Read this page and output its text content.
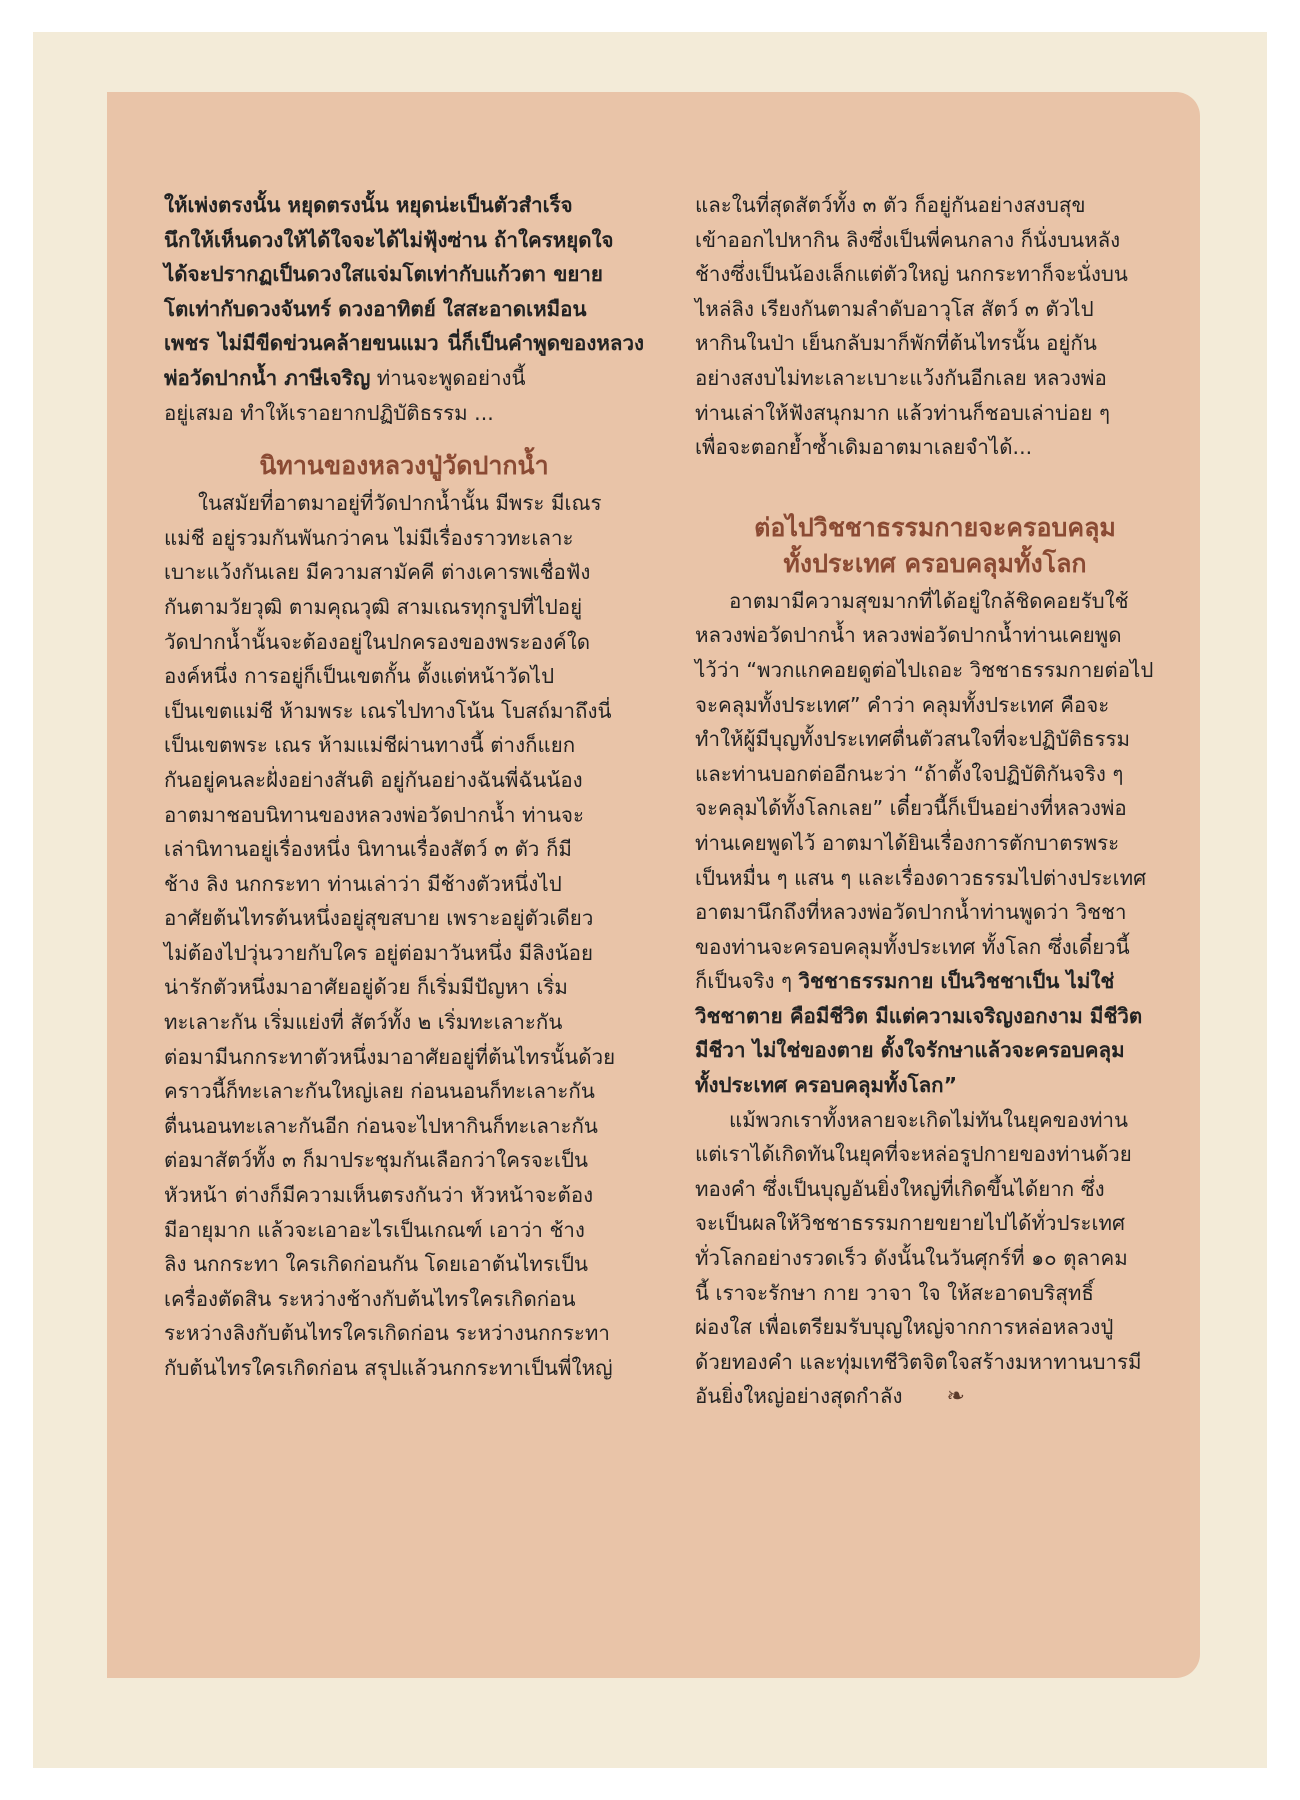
ให้เพ่งตรงนั้น หยุดตรงนั้น หยุดน่ะเป็นตัวสำเร็จ
นึกให้เห็นดวงให้ได้ใจจะได้ไม่ฟุ้งซ่าน ถ้าใครหยุดใจ
ได้จะปรากฏเป็นดวงใสแจ่มโตเท่ากับแก้วตา ขยาย
โตเท่ากับดวงจันทร์ ดวงอาทิตย์ ใสสะอาดเหมือน
เพชร ไม่มีขีดข่วนคล้ายขนแมว นี่ก็เป็นคำพูดของหลวงพ่อวัดปากน้ำ ภาษีเจริญ ท่านจะพูดอย่างนี้
อยู่เสมอ ทำให้เราอยากปฏิบัติธรรม ...

นิทานของหลวงปู่วัดปากน้ำ

ในสมัยที่อาตมาอยู่ที่วัดปากน้ำนั้น มีพระ มีเณร
แม่ชี อยู่รวมกันพันกว่าคน ไม่มีเรื่องราวทะเลาะ
เบาะแว้งกันเลย มีความสามัคคี ต่างเคารพเชื่อฟัง
กันตามวัยวุฒิ ตามคุณวุฒิ สามเณรทุกรูปที่ไปอยู่
วัดปากน้ำนั้นจะต้องอยู่ในปกครองของพระองค์ใด
องค์หนึ่ง การอยู่ก็เป็นเขตกั้น ตั้งแต่หน้าวัดไป
เป็นเขตแม่ชี ห้ามพระ เณรไปทางโน้น โบสถ์มาถึงนี่
เป็นเขตพระ เณร ห้ามแม่ชีผ่านทางนี้ ต่างก็แยก
กันอยู่คนละฝั่งอย่างสันติ อยู่กันอย่างฉันพี่ฉันน้อง
อาตมาชอบนิทานของหลวงพ่อวัดปากน้ำ ท่านจะ
เล่านิทานอยู่เรื่องหนึ่ง นิทานเรื่องสัตว์ ๓ ตัว ก็มี
ช้าง ลิง นกกระทา ท่านเล่าว่า มีช้างตัวหนึ่งไป
อาศัยต้นไทรต้นหนึ่งอยู่สุขสบาย เพราะอยู่ตัวเดียว
ไม่ต้องไปวุ่นวายกับใคร อยู่ต่อมาวันหนึ่ง มีลิงน้อย
น่ารักตัวหนึ่งมาอาศัยอยู่ด้วย ก็เริ่มมีปัญหา เริ่ม
ทะเลาะกัน เริ่มแย่งที่ สัตว์ทั้ง ๒ เริ่มทะเลาะกัน
ต่อมามีนกกระทาตัวหนึ่งมาอาศัยอยู่ที่ต้นไทรนั้นด้วย
คราวนี้ก็ทะเลาะกันใหญ่เลย ก่อนนอนก็ทะเลาะกัน
ตื่นนอนทะเลาะกันอีก ก่อนจะไปหากินก็ทะเลาะกัน
ต่อมาสัตว์ทั้ง ๓ ก็มาประชุมกันเลือกว่าใครจะเป็น
หัวหน้า ต่างก็มีความเห็นตรงกันว่า หัวหน้าจะต้อง
มีอายุมาก แล้วจะเอาอะไรเป็นเกณฑ์ เอาว่า ช้าง
ลิง นกกระทา ใครเกิดก่อนกัน โดยเอาต้นไทรเป็น
เครื่องตัดสิน ระหว่างช้างกับต้นไทรใครเกิดก่อน
ระหว่างลิงกับต้นไทรใครเกิดก่อน ระหว่างนกกระทา
กับต้นไทรใครเกิดก่อน สรุปแล้วนกกระทาเป็นพี่ใหญ่

และในที่สุดสัตว์ทั้ง ๓ ตัว ก็อยู่กันอย่างสงบสุข
เข้าออกไปหากิน ลิงซึ่งเป็นพี่คนกลาง ก็นั่งบนหลัง
ช้างซึ่งเป็นน้องเล็กแต่ตัวใหญ่ นกกระทาก็จะนั่งบน
ไหล่ลิง เรียงกันตามลำดับอาวุโส สัตว์ ๓ ตัวไป
หากินในป่า เย็นกลับมาก็พักที่ต้นไทรนั้น อยู่กัน
อย่างสงบไม่ทะเลาะเบาะแว้งกันอีกเลย หลวงพ่อ
ท่านเล่าให้ฟังสนุกมาก แล้วท่านก็ชอบเล่าบ่อย ๆ
เพื่อจะตอกย้ำซ้ำเดิมอาตมาเลยจำได้...

ต่อไปวิชชาธรรมกายจะครอบคลุม
ทั้งประเทศ ครอบคลุมทั้งโลก

อาตมามีความสุขมากที่ได้อยู่ใกล้ชิดคอยรับใช้
หลวงพ่อวัดปากน้ำ หลวงพ่อวัดปากน้ำท่านเคยพูด
ไว้ว่า “พวกแกคอยดูต่อไปเถอะ วิชชาธรรมกายต่อไป
จะคลุมทั้งประเทศ” คำว่า คลุมทั้งประเทศ คือจะ
ทำให้ผู้มีบุญทั้งประเทศตื่นตัวสนใจที่จะปฏิบัติธรรม
และท่านบอกต่ออีกนะว่า “ถ้าตั้งใจปฏิบัติกันจริง ๆ
จะคลุมได้ทั้งโลกเลย” เดี๋ยวนี้ก็เป็นอย่างที่หลวงพ่อ
ท่านเคยพูดไว้ อาตมาได้ยินเรื่องการตักบาตรพระ
เป็นหมื่น ๆ แสน ๆ และเรื่องดาวธรรมไปต่างประเทศ
อาตมานึกถึงที่หลวงพ่อวัดปากน้ำท่านพูดว่า วิชชา
ของท่านจะครอบคลุมทั้งประเทศ ทั้งโลก ซึ่งเดี๋ยวนี้
ก็เป็นจริง ๆ วิชชาธรรมกาย เป็นวิชชาเป็น ไม่ใช่
วิชชาตาย คือมีชีวิต มีแต่ความเจริญงอกงาม มีชีวิต
มีชีวา ไม่ใช่ของตาย ตั้งใจรักษาแล้วจะครอบคลุม
ทั้งประเทศ ครอบคลุมทั้งโลก”

แม้พวกเราทั้งหลายจะเกิดไม่ทันในยุคของท่าน
แต่เราได้เกิดทันในยุคที่จะหล่อรูปกายของท่านด้วย
ทองคำ ซึ่งเป็นบุญอันยิ่งใหญ่ที่เกิดขึ้นได้ยาก ซึ่ง
จะเป็นผลให้วิชชาธรรมกายขยายไปได้ทั่วประเทศ
ทั่วโลกอย่างรวดเร็ว ดังนั้นในวันศุกร์ที่ ๑๐ ตุลาคม
นี้ เราจะรักษา กาย วาจา ใจ ให้สะอาดบริสุทธิ์
ผ่องใส เพื่อเตรียมรับบุญใหญ่จากการหล่อหลวงปู่
ด้วยทองคำ และทุ่มเทชีวิตจิตใจสร้างมหาทานบารมี
อันยิ่งใหญ่อย่างสุดกำลัง ❧
